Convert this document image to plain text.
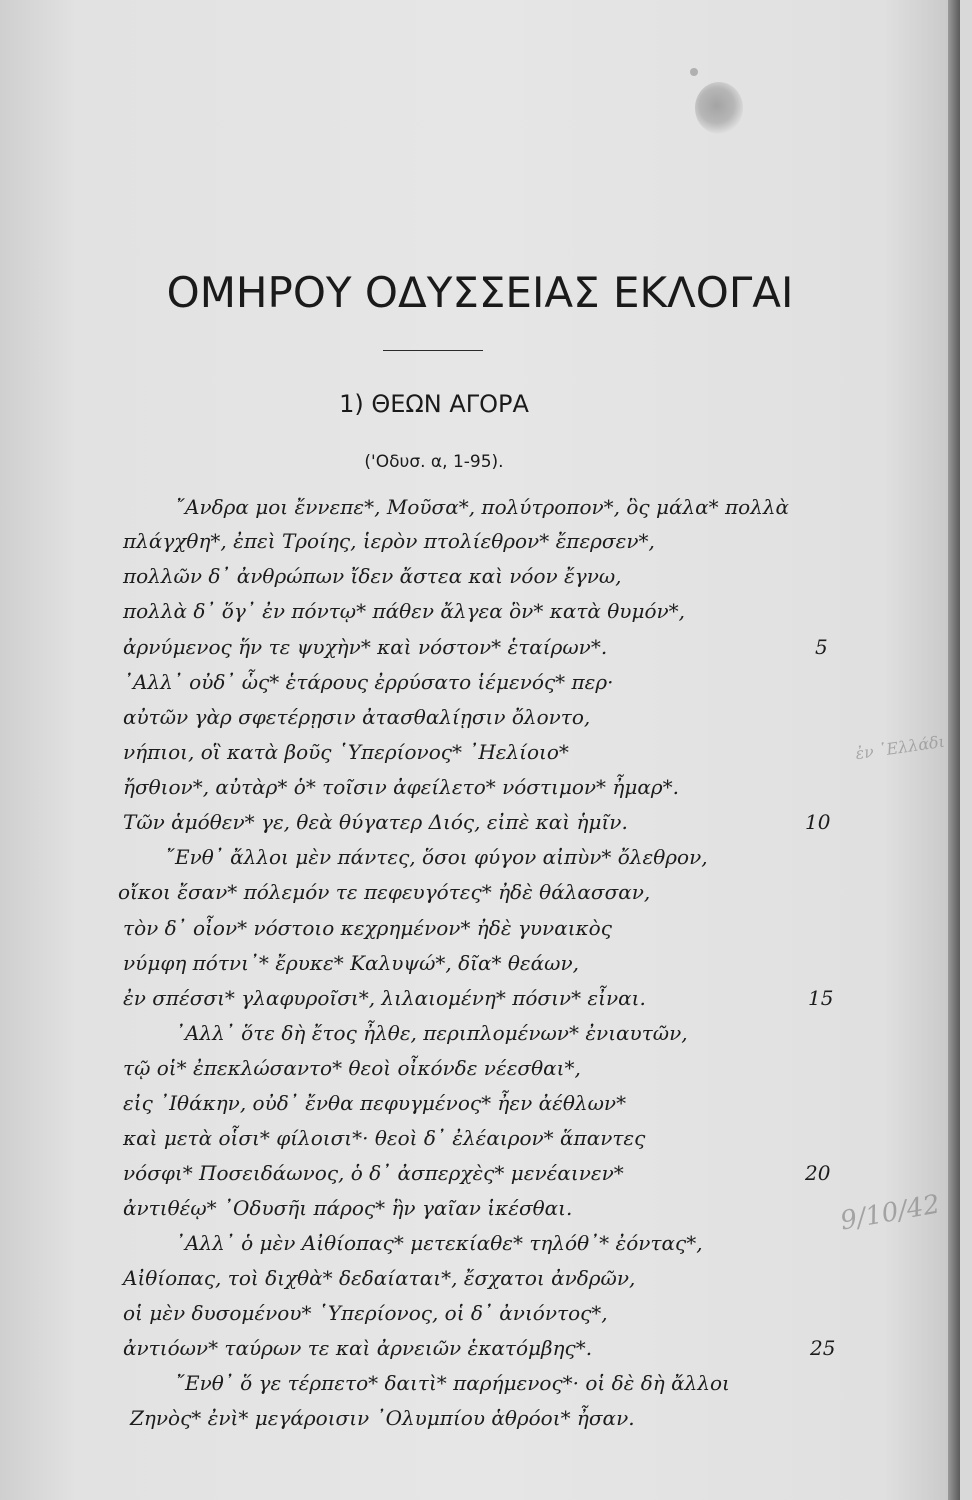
ΟΜΗΡΟΥ ΟΔΥΣΣΕΙΑΣ ΕΚΛΟΓΑΙ
1) ΘΕΩΝ ΑΓΟΡΑ
('Οδυσ. α, 1-95).
῎Ανδρα μοι ἔννεπε*, Μοῦσα*, πολύτροπον*, ὃς μάλα* πολλὰ
πλάγχθη*, ἐπεὶ Τροίης, ἱερὸν πτολίεθρον* ἔπερσεν*,
πολλῶν δ᾽ ἀνθρώπων ἴδεν ἄστεα καὶ νόον ἔγνω,
πολλὰ δ᾽ ὅγ᾽ ἐν πόντῳ* πάθεν ἄλγεα ὃν* κατὰ θυμόν*,
ἀρνύμενος ἥν τε ψυχὴν* καὶ νόστον* ἑταίρων*.	5
᾽Αλλ᾽ οὐδ᾽ ὧς* ἑτάρους ἐρρύσατο ἱέμενός* περ·
αὐτῶν γὰρ σφετέρῃσιν ἀτασθαλίῃσιν ὄλοντο,
νήπιοι, οἳ κατὰ βοῦς ῾Υπερίονος* ᾽Ηελίοιο*
ἤσθιον*, αὐτὰρ* ὁ* τοῖσιν ἀφείλετο* νόστιμον* ἦμαρ*.
Τῶν ἁμόθεν* γε, θεὰ θύγατερ Διός, εἰπὲ καὶ ἡμῖν.	10
῎Ενθ᾽ ἄλλοι μὲν πάντες, ὅσοι φύγον αἰπὺν* ὄλεθρον,
οἴκοι ἔσαν* πόλεμόν τε πεφευγότες* ἠδὲ θάλασσαν,
τὸν δ᾽ οἶον* νόστοιο κεχρημένον* ἠδὲ γυναικὸς
νύμφη πότνι᾽* ἔρυκε* Καλυψώ*, δῖα* θεάων,
ἐν σπέσσι* γλαφυροῖσι*, λιλαιομένη* πόσιν* εἶναι.	15
᾽Αλλ᾽ ὅτε δὴ ἔτος ἦλθε, περιπλομένων* ἐνιαυτῶν,
τῷ οἱ* ἐπεκλώσαντο* θεοὶ οἶκόνδε νέεσθαι*,
εἰς ᾽Ιθάκην, οὐδ᾽ ἔνθα πεφυγμένος* ἦεν ἀέθλων*
καὶ μετὰ οἷσι* φίλοισι*· θεοὶ δ᾽ ἐλέαιρον* ἅπαντες
νόσφι* Ποσειδάωνος, ὁ δ᾽ ἀσπερχὲς* μενέαινεν*	20
ἀντιθέῳ* ᾽Οδυσῆι πάρος* ἣν γαῖαν ἱκέσθαι.
᾽Αλλ᾽ ὁ μὲν Αἰθίοπας* μετεκίαθε* τηλόθ᾽* ἐόντας*,
Αἰθίοπας, τοὶ διχθὰ* δεδαίαται*, ἔσχατοι ἀνδρῶν,
οἱ μὲν δυσομένου* ῾Υπερίονος, οἱ δ᾽ ἀνιόντος*,
ἀντιόων* ταύρων τε καὶ ἀρνειῶν ἑκατόμβης*.	25
῎Ενθ᾽ ὅ γε τέρπετο* δαιτὶ* παρήμενος*· οἱ δὲ δὴ ἄλλοι
Ζηνὸς* ἐνὶ* μεγάροισιν ᾽Ολυμπίου ἁθρόοι* ἦσαν.
ἐν ῾Ελλάδι
9/10/42
